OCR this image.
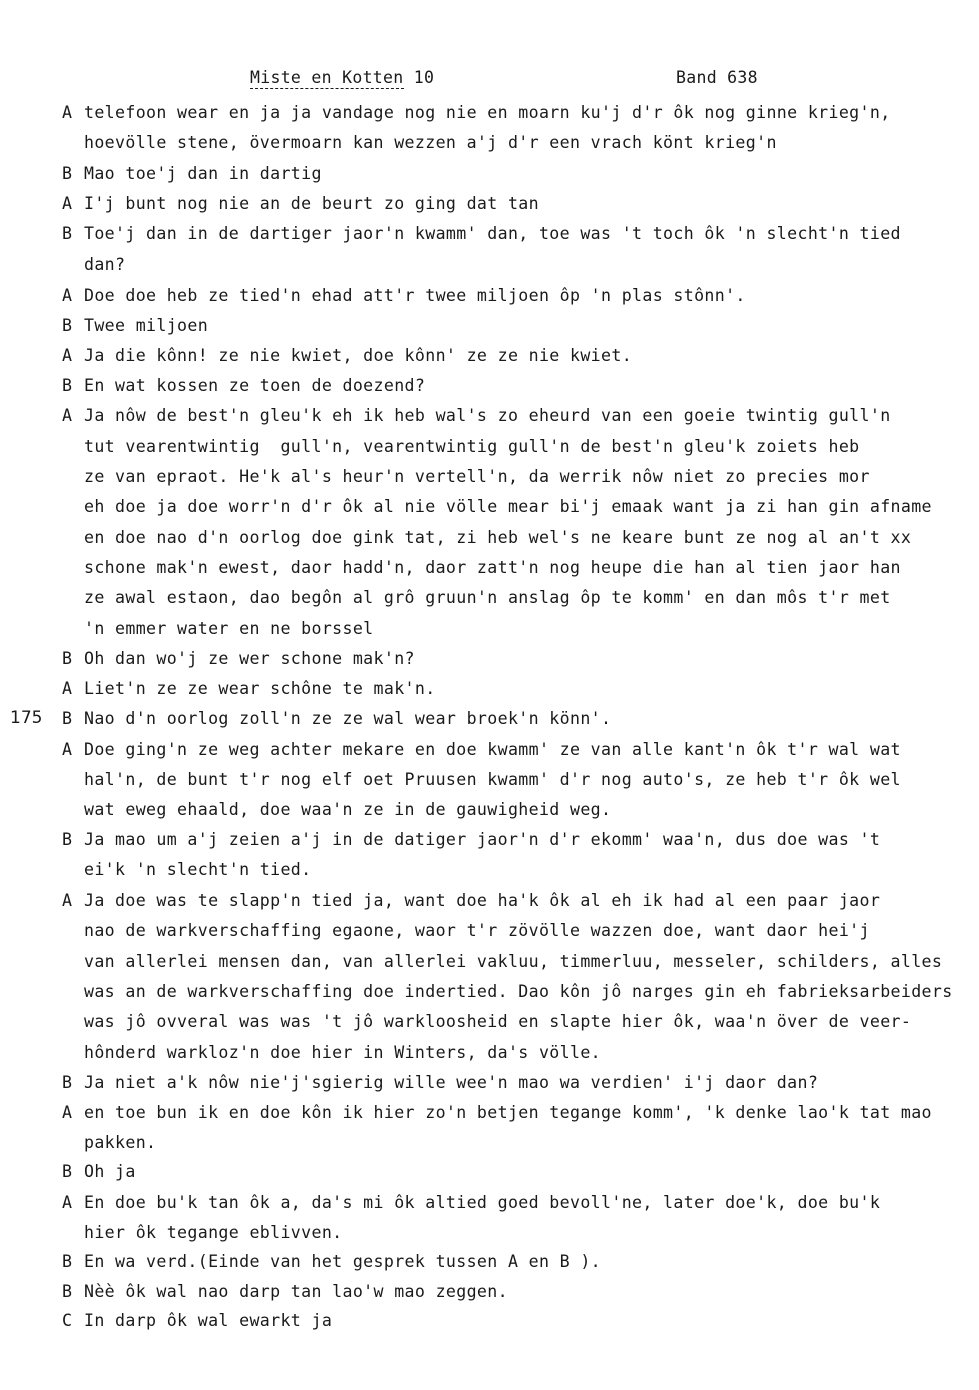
Miste en Kotten 10	Band 638
175
A telefoon wear en ja ja vandage nog nie en moarn ku'j d'r ôk nog ginne krieg'n,
hoevölle stene, övermoarn kan wezzen a'j d'r een vrach könt krieg'n
B Mao toe'j dan in dartig
A I'j bunt nog nie an de beurt zo ging dat tan
B Toe'j dan in de dartiger jaor'n kwamm' dan, toe was 't toch ôk 'n slecht'n tied
dan?
A Doe doe heb ze tied'n ehad att'r twee miljoen ôp 'n plas stônn'.
B Twee miljoen
A Ja die kônn! ze nie kwiet, doe kônn' ze ze nie kwiet.
B En wat kossen ze toen de doezend?
A Ja nôw de best'n gleu'k eh ik heb wal's zo eheurd van een goeie twintig gull'n
tut vearentwintig  gull'n, vearentwintig gull'n de best'n gleu'k zoiets heb
ze van epraot. He'k al's heur'n vertell'n, da werrik nôw niet zo precies mor
eh doe ja doe worr'n d'r ôk al nie völle mear bi'j emaak want ja zi han gin afname
en doe nao d'n oorlog doe gink tat, zi heb wel's ne keare bunt ze nog al an't xx
schone mak'n ewest, daor hadd'n, daor zatt'n nog heupe die han al tien jaor han
ze awal estaon, dao begôn al grô gruun'n anslag ôp te komm' en dan môs t'r met
'n emmer water en ne borssel
B Oh dan wo'j ze wer schone mak'n?
A Liet'n ze ze wear schône te mak'n.
B Nao d'n oorlog zoll'n ze ze wal wear broek'n könn'.
A Doe ging'n ze weg achter mekare en doe kwamm' ze van alle kant'n ôk t'r wal wat
hal'n, de bunt t'r nog elf oet Pruusen kwamm' d'r nog auto's, ze heb t'r ôk wel
wat eweg ehaald, doe waa'n ze in de gauwigheid weg.
B Ja mao um a'j zeien a'j in de datiger jaor'n d'r ekomm' waa'n, dus doe was 't
ei'k 'n slecht'n tied.
A Ja doe was te slapp'n tied ja, want doe ha'k ôk al eh ik had al een paar jaor
nao de warkverschaffing egaone, waor t'r zövölle wazzen doe, want daor hei'j
van allerlei mensen dan, van allerlei vakluu, timmerluu, messeler, schilders, alles
was an de warkverschaffing doe indertied. Dao kôn jô narges gin eh fabrieksarbeiders
was jô ovveral was was 't jô warkloosheid en slapte hier ôk, waa'n över de veer-
hônderd warkloz'n doe hier in Winters, da's völle.
B Ja niet a'k nôw nie'j'sgierig wille wee'n mao wa verdien' i'j daor dan?
A en toe bun ik en doe kôn ik hier zo'n betjen tegange komm', 'k denke lao'k tat mao
pakken.
B Oh ja
A En doe bu'k tan ôk a, da's mi ôk altied goed bevoll'ne, later doe'k, doe bu'k
hier ôk tegange eblivven.
B En wa verd.(Einde van het gesprek tussen A en B ).
B Nèè ôk wal nao darp tan lao'w mao zeggen.
C In darp ôk wal ewarkt ja
